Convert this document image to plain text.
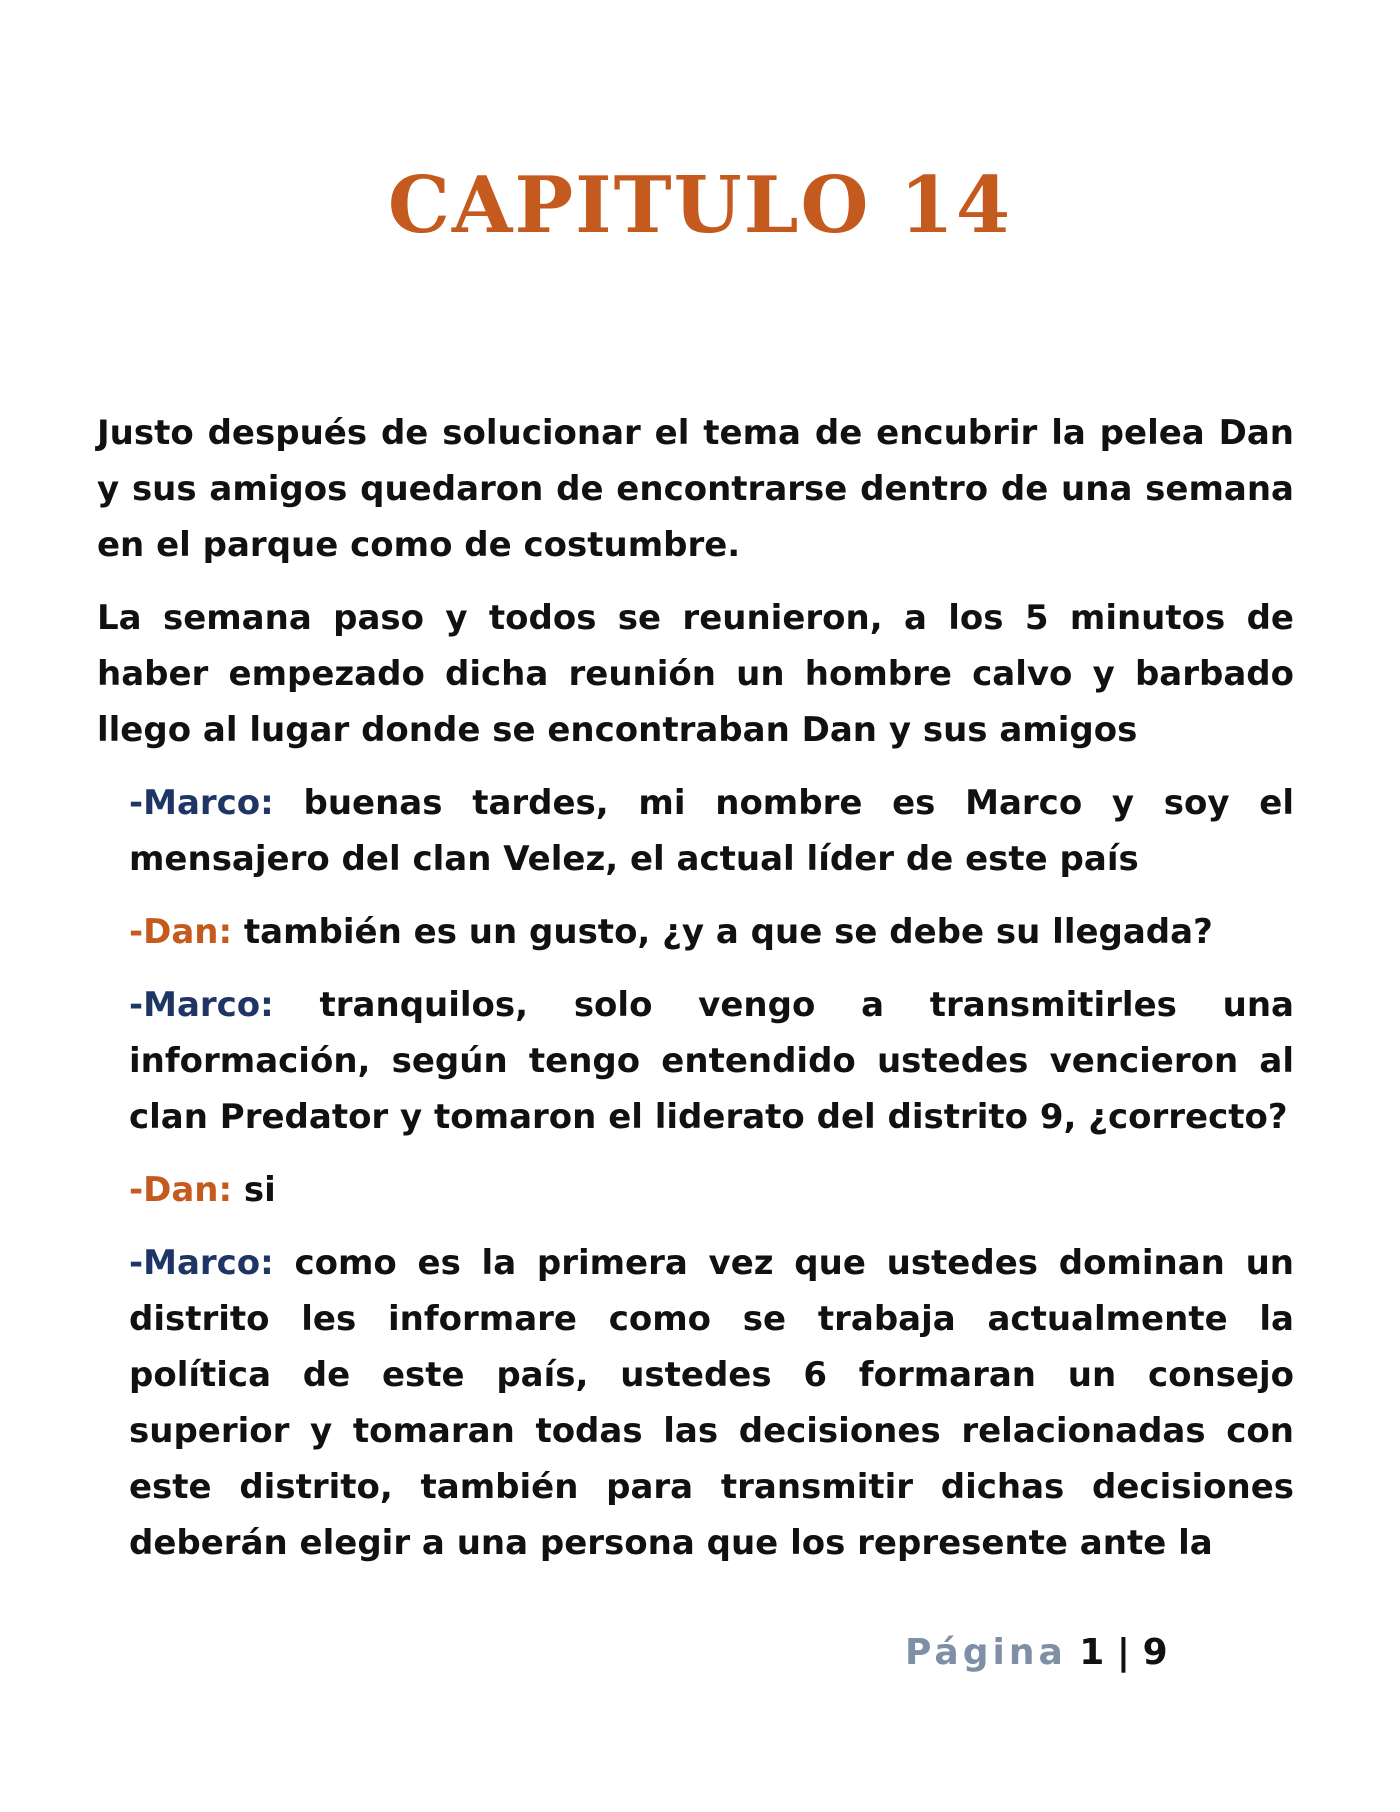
CAPITULO 14

Justo después de solucionar el tema de encubrir la pelea Dan y sus amigos quedaron de encontrarse dentro de una semana en el parque como de costumbre.

La semana paso y todos se reunieron, a los 5 minutos de haber empezado dicha reunión un hombre calvo y barbado llego al lugar donde se encontraban Dan y sus amigos

-Marco: buenas tardes, mi nombre es Marco y soy el mensajero del clan Velez, el actual líder de este país

-Dan: también es un gusto, ¿y a que se debe su llegada?

-Marco: tranquilos, solo vengo a transmitirles una información, según tengo entendido ustedes vencieron al clan Predator y tomaron el liderato del distrito 9, ¿correcto?

-Dan: si

-Marco: como es la primera vez que ustedes dominan un distrito les informare como se trabaja actualmente la política de este país, ustedes 6 formaran un consejo superior y tomaran todas las decisiones relacionadas con este distrito, también para transmitir dichas decisiones deberán elegir a una persona que los represente ante la

Página 1 | 9
